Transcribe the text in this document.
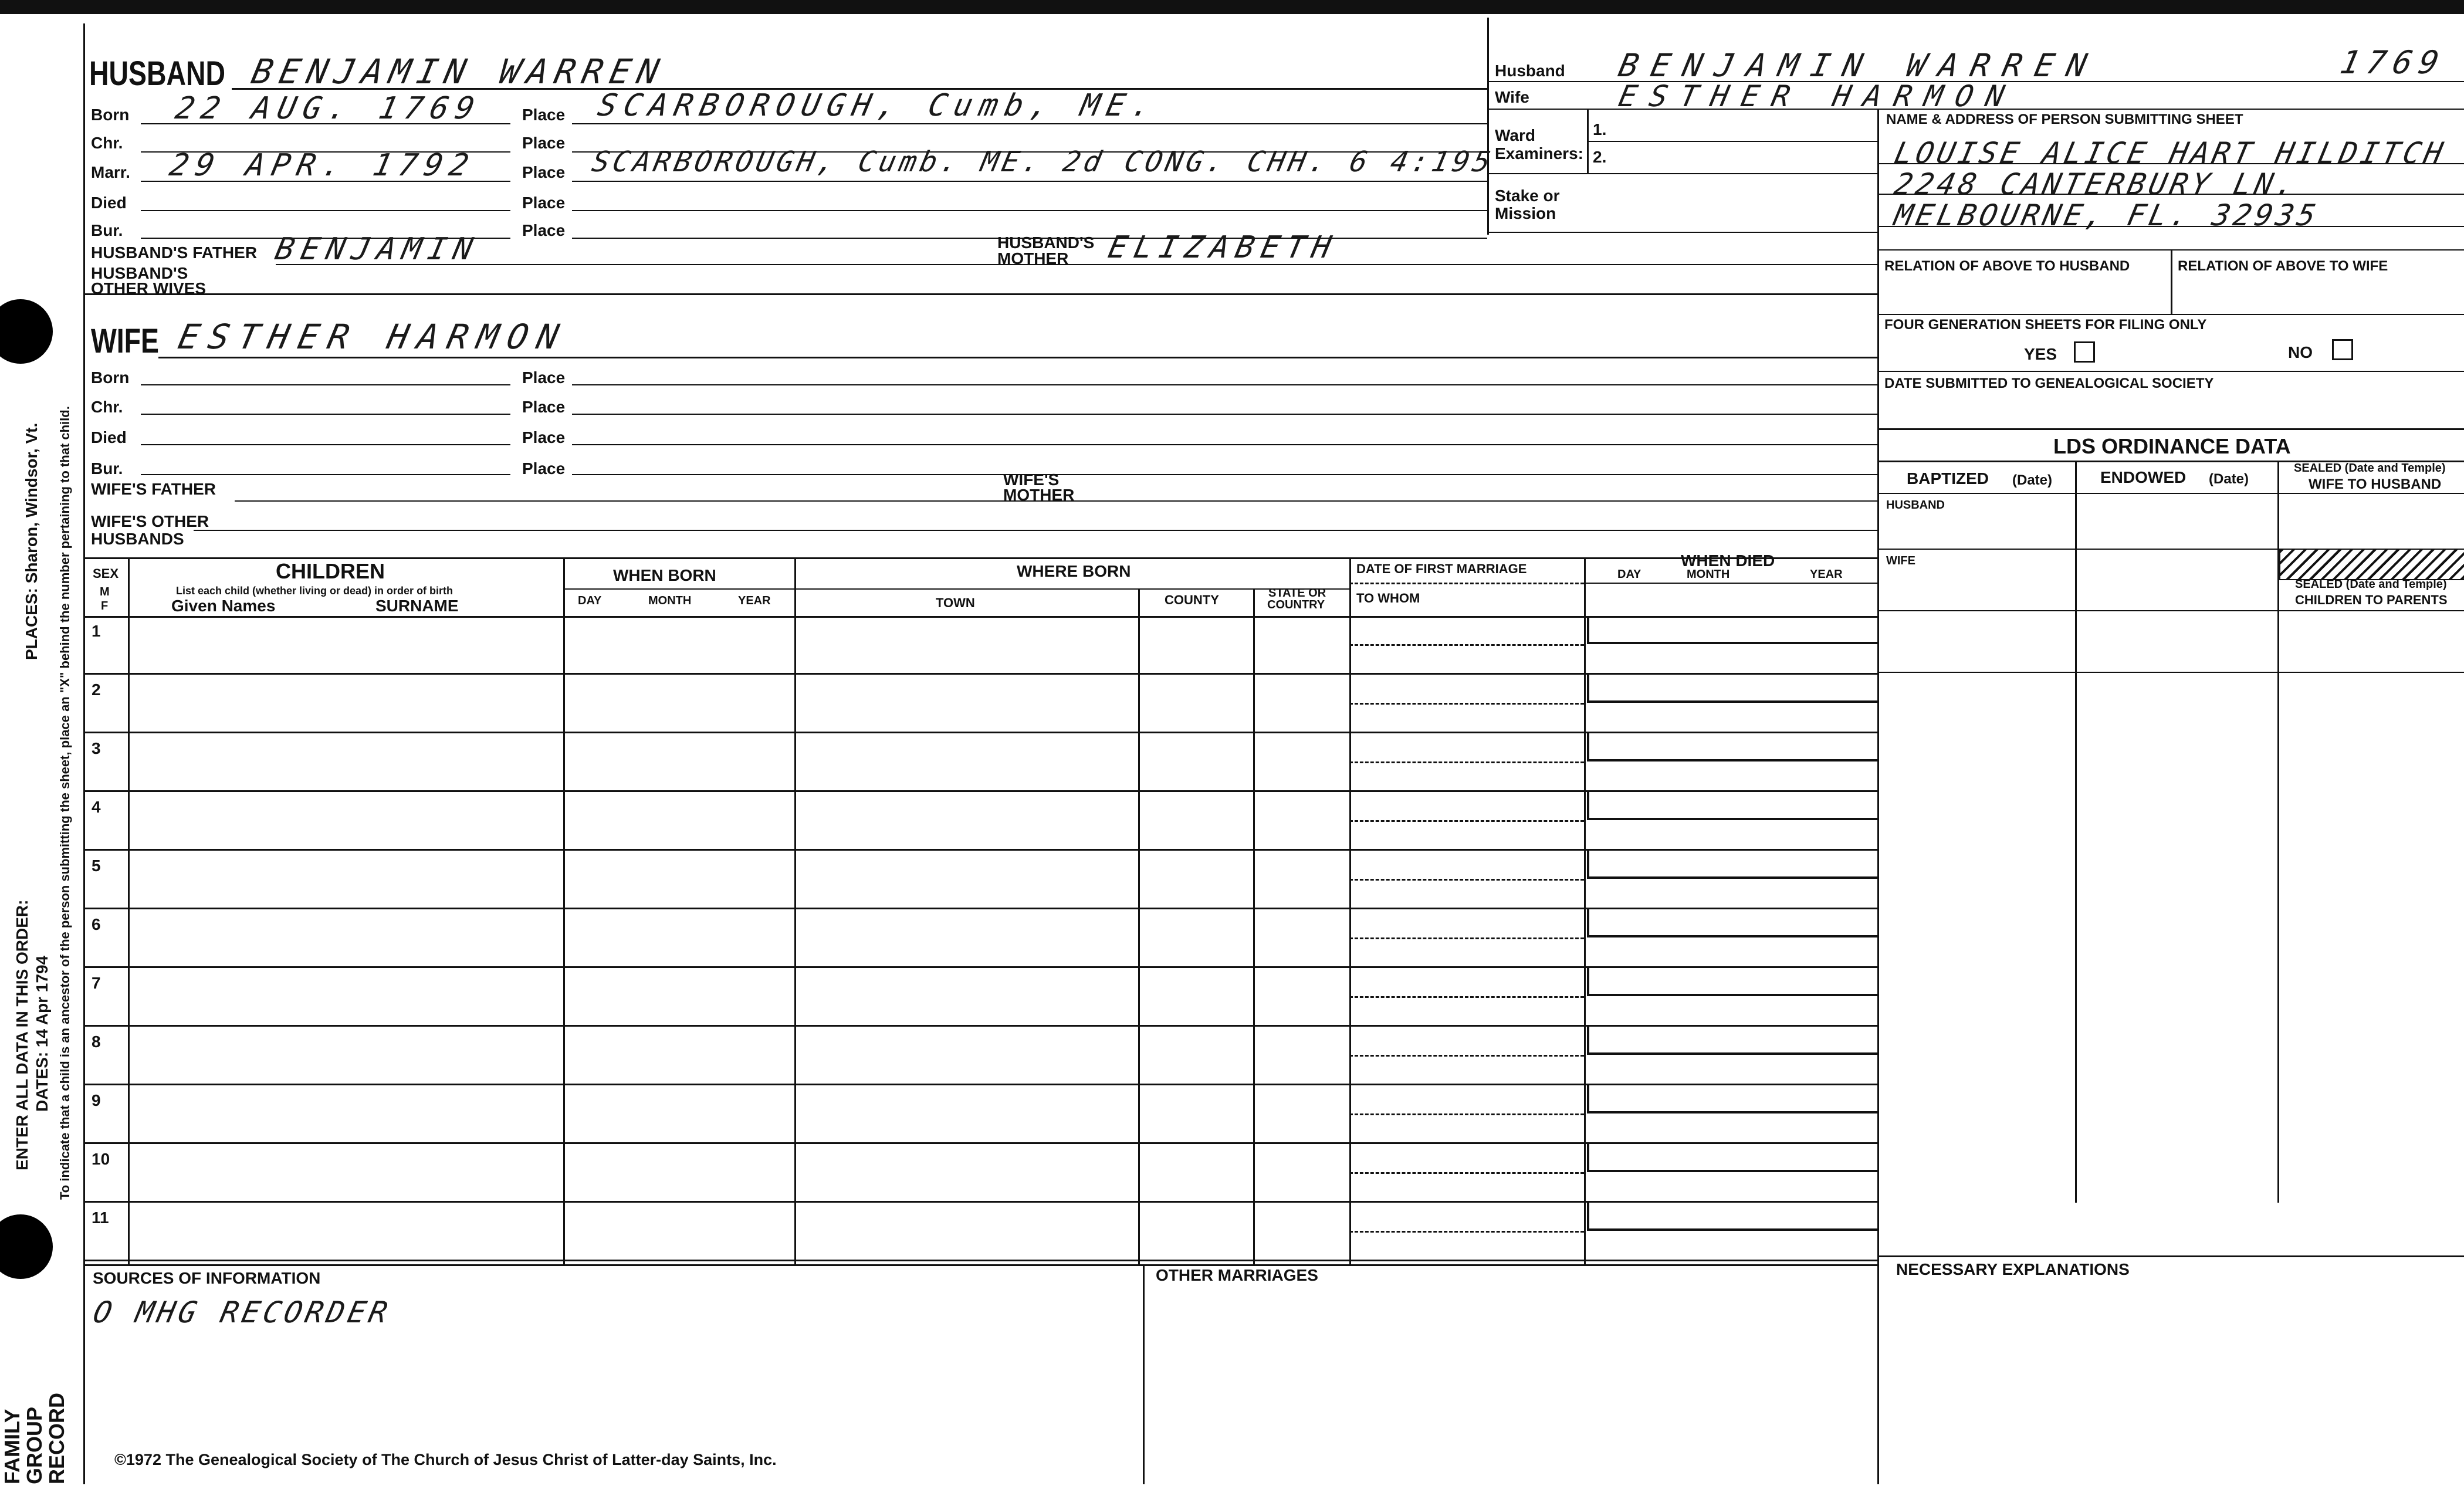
HUSBAND BENJAMIN WARREN
Born 22 AUG. 1769 Place SCARBOROUGH, Cumb, ME.
Chr.	Place
Marr. 29 APR. 1792	Place SCARBOROUGH, Cumb. ME. 2d CONG. CHH. 6 4:195
Died	Place
Bur.	Place
HUSBAND'S FATHER BENJAMIN	HUSBAND'S
MOTHER ELIZABETH
HUSBAND'S
OTHER WIVES
Husband BENJAMIN WARREN	1769
Wife	ESTHER HARMON
Ward
Examiners:
1.
2.
Stake or
Mission
NAME & ADDRESS OF PERSON SUBMITTING SHEET
LOUISE ALICE HART HILDITCH
2248 CANTERBURY LN.
MELBOURNE, FL. 32935
RELATION OF ABOVE TO HUSBAND	RELATION OF ABOVE TO WIFE
FOUR GENERATION SHEETS FOR FILING ONLY
YES	NO
DATE SUBMITTED TO GENEALOGICAL SOCIETY
LDS ORDINANCE DATA
BAPTIZED (Date)	ENDOWED (Date)
SEALED (Date and Temple)
WIFE TO HUSBAND
HUSBAND
WIFE
SEALED (Date and Temple)
CHILDREN TO PARENTS
WIFE ESTHER HARMON
Born	Place
Chr.	Place
Died	Place
Bur.	Place
WIFE'S FATHER
WIFE'S
MOTHER
WIFE'S OTHER
HUSBANDS
SEX
M
F
CHILDREN
List each child (whether living or dead) in order of birth
Given Names	SURNAME
WHEN BORN
DAY	MONTH	YEAR
WHERE BORN
TOWN	COUNTY	STATE OR
COUNTRY
DATE OF FIRST MARRIAGE
TO WHOM
WHEN DIED
DAY	MONTH	YEAR
1
2
3
4
5
6
7
8
9
10
11
SOURCES OF INFORMATION
O MHG RECORDER
OTHER MARRIAGES	NECESSARY EXPLANATIONS
©1972 The Genealogical Society of The Church of Jesus Christ of Latter-day Saints, Inc.
ENTER ALL DATA IN THIS ORDER: DATES: 14 Apr 1794
PLACES: Sharon, Windsor, Vt. To indicate that a child is an ancestor of the person submitting the sheet, place an "X" behind the number pertaining to that child.
FAMILY
GROUP
RECORD
